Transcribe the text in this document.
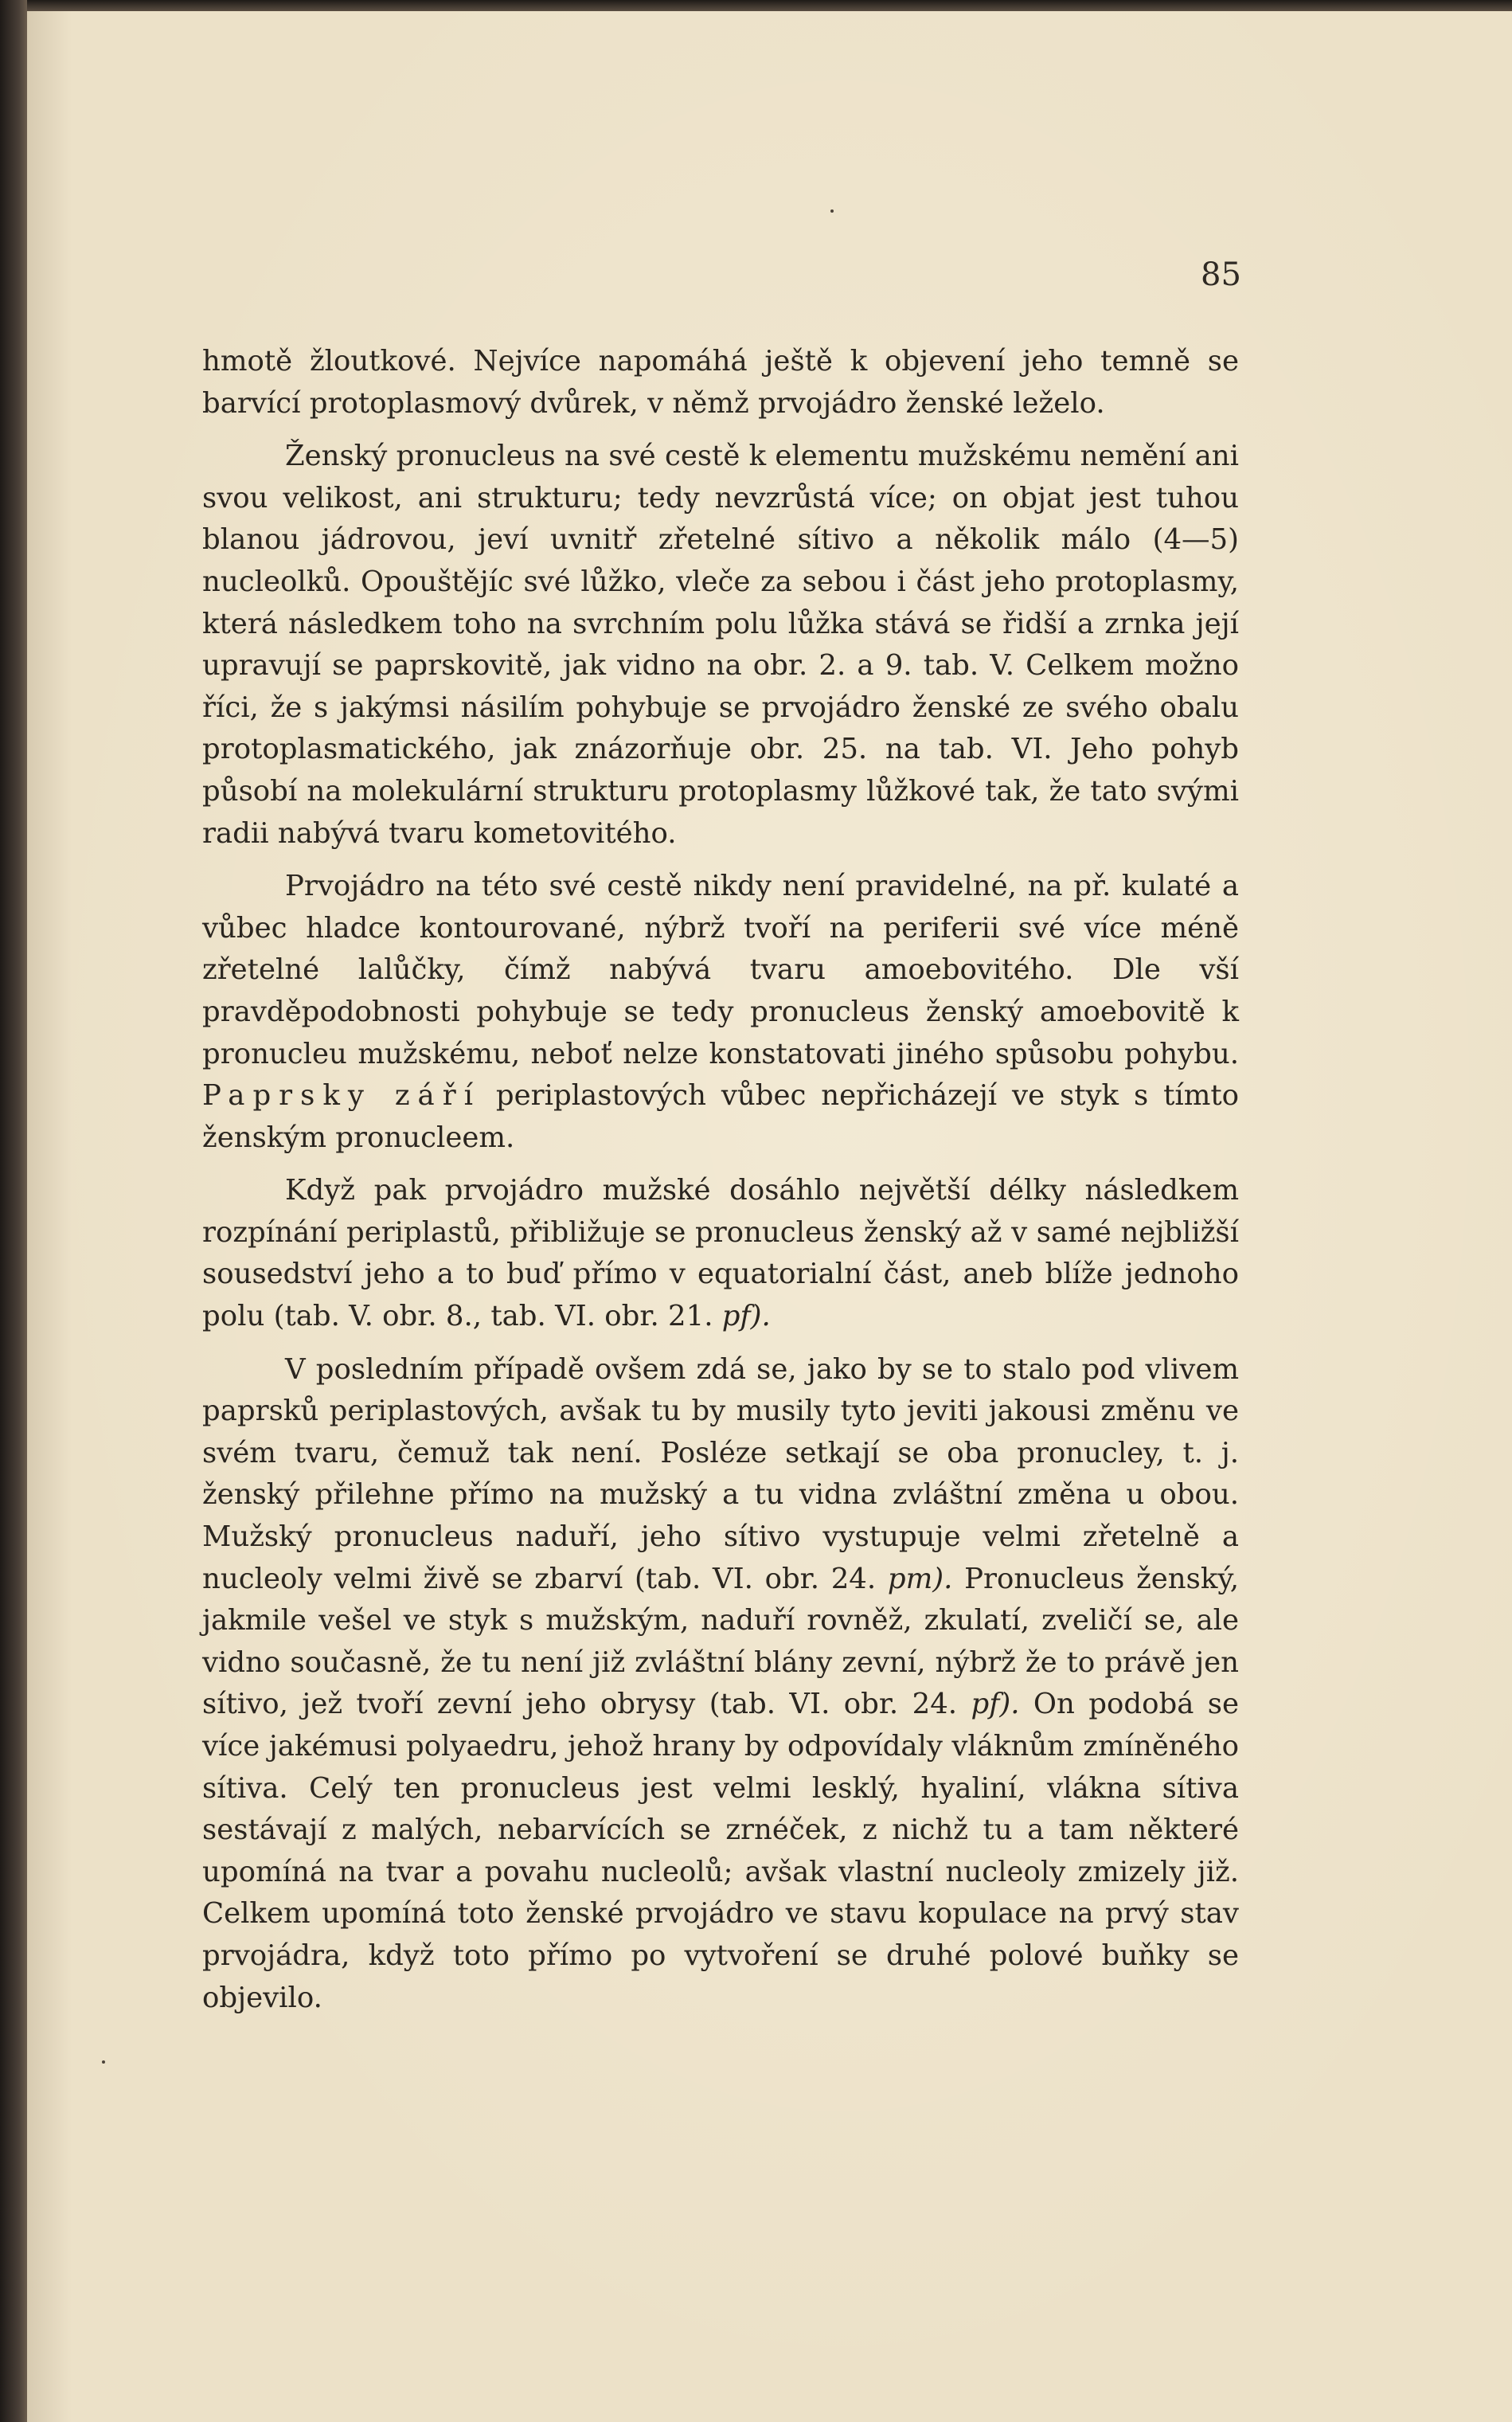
85

hmotě žloutkové. Nejvíce napomáhá ještě k objevení jeho temně se barvící protoplasmový dvůrek, v němž prvojádro ženské leželo.

Ženský pronucleus na své cestě k elementu mužskému nemění ani svou velikost, ani strukturu; tedy nevzrůstá více; on objat jest tuhou blanou jádrovou, jeví uvnitř zřetelné sítivo a několik málo (4—5) nucleolků. Opouštějíc své lůžko, vleče za sebou i část jeho protoplasmy, která následkem toho na svrchním polu lůžka stává se řidší a zrnka její upravují se paprskovitě, jak vidno na obr. 2. a 9. tab. V. Celkem možno říci, že s jakýmsi násilím pohybuje se prvojádro ženské ze svého obalu protoplasmatického, jak znázorňuje obr. 25. na tab. VI. Jeho pohyb působí na molekulární strukturu protoplasmy lůžkové tak, že tato svými radii nabývá tvaru kometovitého.

Prvojádro na této své cestě nikdy není pravidelné, na př. kulaté a vůbec hladce kontourované, nýbrž tvoří na periferii své více méně zřetelné lalůčky, čímž nabývá tvaru amoebovitého. Dle vší pravděpodobnosti pohybuje se tedy pronucleus ženský amoebovitě k pronucleu mužskému, neboť nelze konstatovati jiného spůsobu pohybu. Paprsky září periplastových vůbec nepřicházejí ve styk s tímto ženským pronucleem.

Když pak prvojádro mužské dosáhlo největší délky následkem rozpínání periplastů, přibližuje se pronucleus ženský až v samé nejbližší sousedství jeho a to buď přímo v equatorialní část, aneb blíže jednoho polu (tab. V. obr. 8., tab. VI. obr. 21. pf).

V posledním případě ovšem zdá se, jako by se to stalo pod vlivem paprsků periplastových, avšak tu by musily tyto jeviti jakousi změnu ve svém tvaru, čemuž tak není. Posléze setkají se oba pronucley, t. j. ženský přilehne přímo na mužský a tu vidna zvláštní změna u obou. Mužský pronucleus naduří, jeho sítivo vystupuje velmi zřetelně a nucleoly velmi živě se zbarví (tab. VI. obr. 24. pm). Pronucleus ženský, jakmile vešel ve styk s mužským, naduří rovněž, zkulatí, zveličí se, ale vidno současně, že tu není již zvláštní blány zevní, nýbrž že to právě jen sítivo, jež tvoří zevní jeho obrysy (tab. VI. obr. 24. pf). On podobá se více jakémusi polyaedru, jehož hrany by odpovídaly vláknům zmíněného sítiva. Celý ten pronucleus jest velmi lesklý, hyaliní, vlákna sítiva sestávají z malých, nebarvících se zrnéček, z nichž tu a tam některé upomíná na tvar a povahu nucleolů; avšak vlastní nucleoly zmizely již. Celkem upomíná toto ženské prvojádro ve stavu kopulace na prvý stav prvojádra, když toto přímo po vytvoření se druhé polové buňky se objevilo.
